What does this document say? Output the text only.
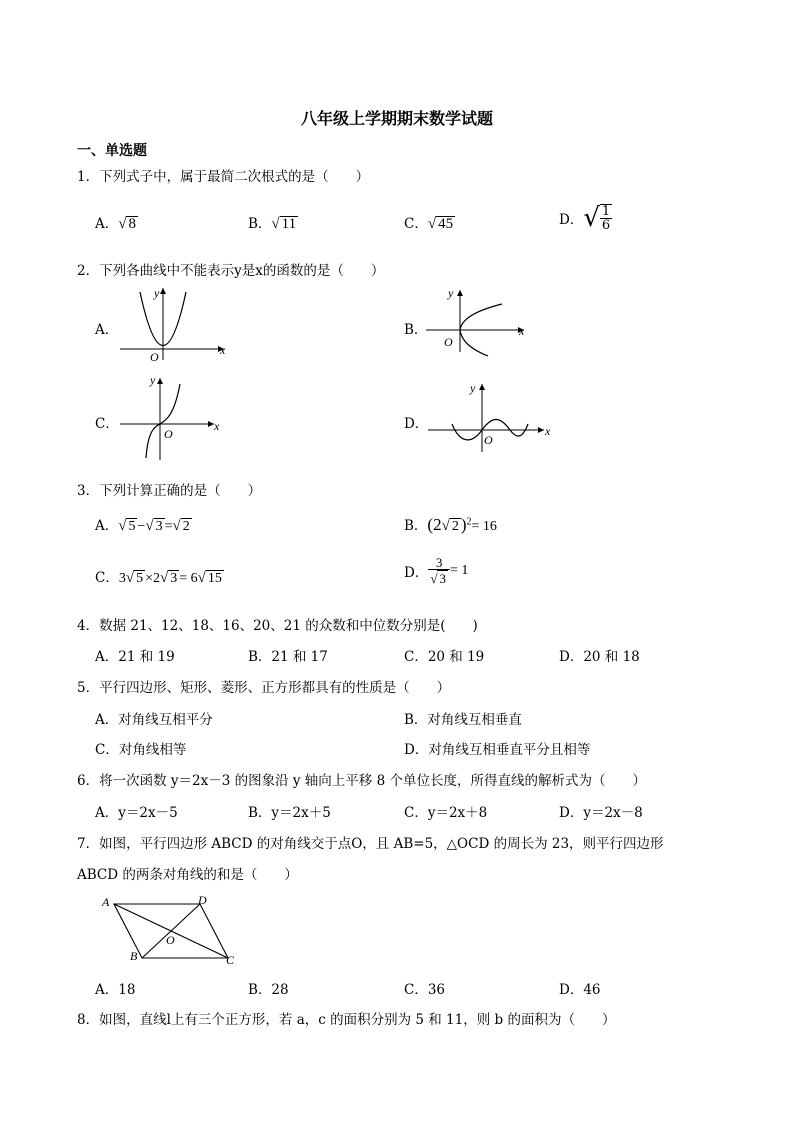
八年级上学期期末数学试题
一、单选题
1．下列式子中，属于最简二次根式的是（　　）
A．√ 8	B．√ 11	C．√ 45	D．√ $\frac{1}{6}$
2．下列各曲线中不能表示y是x的函数的是（　　）
A．
x
y
O
B．	x
y
O
C．	x
y
O
D．	x
y
O
3．下列计算正确的是（　　）
A．√ 5 −√ 3 =√ 2	B．(2√ 2 )$^2$= 16
C．3√ 5 ×2√ 3 = 6√ 15	D． $\frac{3}{√ 3} = 1$
4．数据 21、12、18、16、20、21 的众数和中位数分别是(　　)
A．21 和 19	B．21 和 17	C．20 和 19	D．20 和 18
5．平行四边形、矩形、菱形、正方形都具有的性质是（　　）
A．对角线互相平分	B．对角线互相垂直
C．对角线相等	D．对角线互相垂直平分且相等
6．将一次函数 y＝2x－3 的图象沿 y 轴向上平移 8 个单位长度，所得直线的解析式为（　　）
A．y＝2x－5	B．y＝2x＋5	C．y＝2x＋8	D．y＝2x－8
7．如图，平行四边形 ABCD 的对角线交于点O，且 AB=5，△OCD 的周长为 23，则平行四边形
ABCD 的两条对角线的和是（　　）
A	D
B	C
O
A．18	B．28	C．36	D．46
8．如图，直线l上有三个正方形，若 a，c 的面积分别为 5 和 11，则 b 的面积为（　　）
